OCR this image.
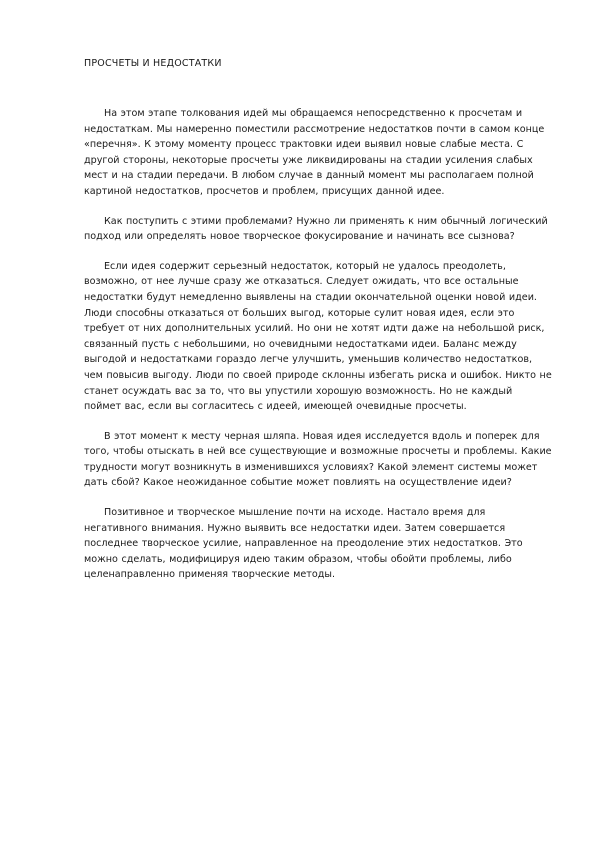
ПРОСЧЕТЫ И НЕДОСТАТКИ

На этом этапе толкования идей мы обращаемся непосредственно к просчетам и недостаткам. Мы намеренно поместили рассмотрение недостатков почти в самом конце «перечня». К этому моменту процесс трактовки идеи выявил новые слабые места. С другой стороны, некоторые просчеты уже ликвидированы на стадии усиления слабых мест и на стадии передачи. В любом случае в данный момент мы располагаем полной картиной недостатков, просчетов и проблем, присущих данной идее.

Как поступить с этими проблемами? Нужно ли применять к ним обычный логический подход или определять новое творческое фокусирование и начинать все сызнова?

Если идея содержит серьезный недостаток, который не удалось преодолеть, возможно, от нее лучше сразу же отказаться. Следует ожидать, что все остальные недостатки будут немедленно выявлены на стадии окончательной оценки новой идеи. Люди способны отказаться от больших выгод, которые сулит новая идея, если это требует от них дополнительных усилий. Но они не хотят идти даже на небольшой риск, связанный пусть с небольшими, но очевидными недостатками идеи. Баланс между выгодой и недостатками гораздо легче улучшить, уменьшив количество недостатков, чем повысив выгоду. Люди по своей природе склонны избегать риска и ошибок. Никто не станет осуждать вас за то, что вы упустили хорошую возможность. Но не каждый поймет вас, если вы согласитесь с идеей, имеющей очевидные просчеты.

В этот момент к месту черная шляпа. Новая идея исследуется вдоль и поперек для того, чтобы отыскать в ней все существующие и возможные просчеты и проблемы. Какие трудности могут возникнуть в изменившихся условиях? Какой элемент системы может дать сбой? Какое неожиданное событие может повлиять на осуществление идеи?

Позитивное и творческое мышление почти на исходе. Настало время для негативного внимания. Нужно выявить все недостатки идеи. Затем совершается последнее творческое усилие, направленное на преодоление этих недостатков. Это можно сделать, модифицируя идею таким образом, чтобы обойти проблемы, либо целенаправленно применяя творческие методы.
